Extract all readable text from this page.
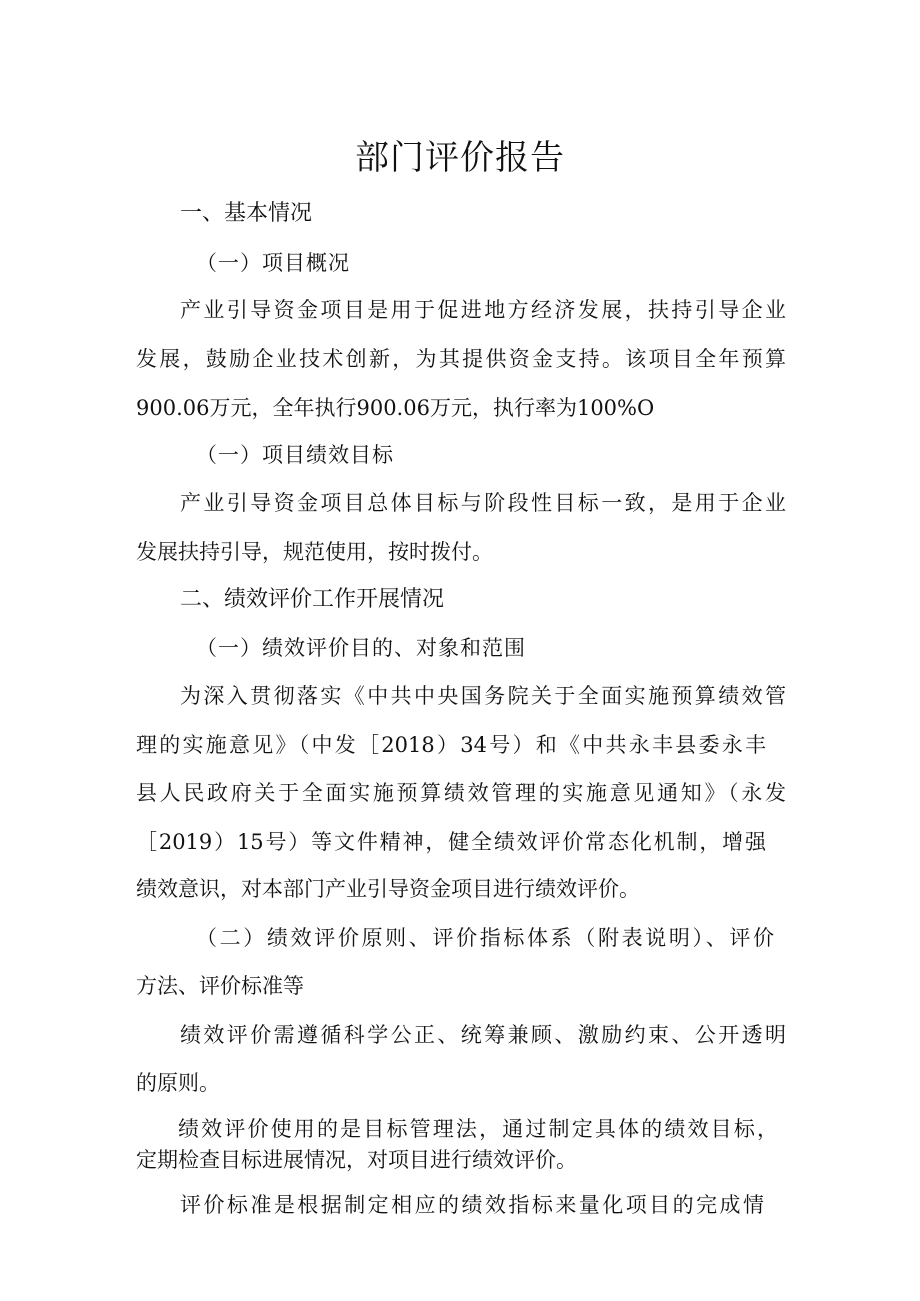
部门评价报告
一、基本情况
（一）项目概况
产业引导资金项目是用于促进地方经济发展，扶持引导企业
发展，鼓励企业技术创新，为其提供资金支持。该项目全年预算
900.06万元，全年执行900.06万元，执行率为100%O
（一）项目绩效目标
产业引导资金项目总体目标与阶段性目标一致，是用于企业
发展扶持引导，规范使用，按时拨付。
二、绩效评价工作开展情况
（一）绩效评价目的、对象和范围
为深入贯彻落实《中共中央国务院关于全面实施预算绩效管
理的实施意见》（中发［2018）34号）和《中共永丰县委永丰
县人民政府关于全面实施预算绩效管理的实施意见通知》（永发
［2019）15号）等文件精神，健全绩效评价常态化机制，增强
绩效意识，对本部门产业引导资金项目进行绩效评价。
（二）绩效评价原则、评价指标体系（附表说明）、评价
方法、评价标准等
绩效评价需遵循科学公正、统筹兼顾、激励约束、公开透明
的原则。
绩效评价使用的是目标管理法，通过制定具体的绩效目标，
定期检查目标进展情况，对项目进行绩效评价。
评价标准是根据制定相应的绩效指标来量化项目的完成情
